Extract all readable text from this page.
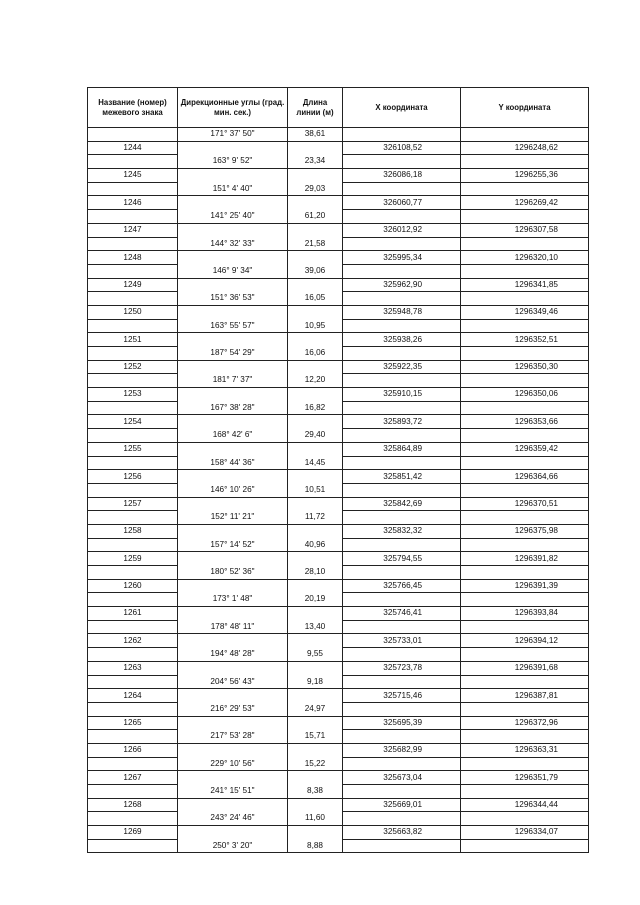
Название (номер) межевого знака	Дирекционные углы (град. мин. сек.)	Длина линии (м)	X координата	Y координата
	171° 37' 50"	38,61		
1244			326108,52	1296248,62
	163° 9' 52"	23,34		
1245			326086,18	1296255,36
	151° 4' 40"	29,03		
1246			326060,77	1296269,42
	141° 25' 40"	61,20		
1247			326012,92	1296307,58
	144° 32' 33"	21,58		
1248			325995,34	1296320,10
	146° 9' 34"	39,06		
1249			325962,90	1296341,85
	151° 36' 53"	16,05		
1250			325948,78	1296349,46
	163° 55' 57"	10,95		
1251			325938,26	1296352,51
	187° 54' 29"	16,06		
1252			325922,35	1296350,30
	181° 7' 37"	12,20		
1253			325910,15	1296350,06
	167° 38' 28"	16,82		
1254			325893,72	1296353,66
	168° 42' 6"	29,40		
1255			325864,89	1296359,42
	158° 44' 36"	14,45		
1256			325851,42	1296364,66
	146° 10' 26"	10,51		
1257			325842,69	1296370,51
	152° 11' 21"	11,72		
1258			325832,32	1296375,98
	157° 14' 52"	40,96		
1259			325794,55	1296391,82
	180° 52' 36"	28,10		
1260			325766,45	1296391,39
	173° 1' 48"	20,19		
1261			325746,41	1296393,84
	178° 48' 11"	13,40		
1262			325733,01	1296394,12
	194° 48' 28"	9,55		
1263			325723,78	1296391,68
	204° 56' 43"	9,18		
1264			325715,46	1296387,81
	216° 29' 53"	24,97		
1265			325695,39	1296372,96
	217° 53' 28"	15,71		
1266			325682,99	1296363,31
	229° 10' 56"	15,22		
1267			325673,04	1296351,79
	241° 15' 51"	8,38		
1268			325669,01	1296344,44
	243° 24' 46"	11,60		
1269			325663,82	1296334,07
	250° 3' 20"	8,88		
